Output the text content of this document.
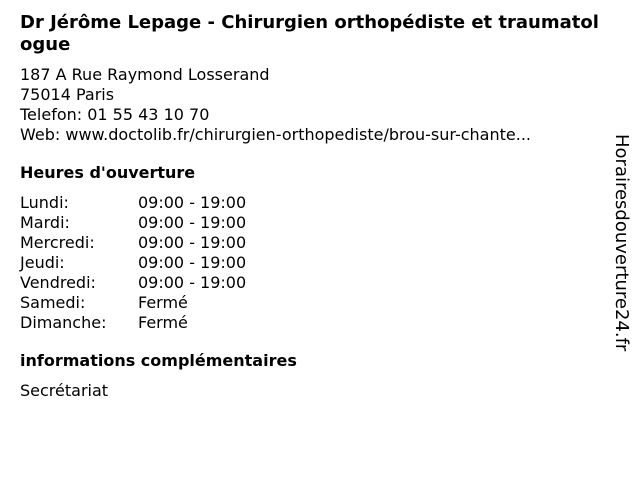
Dr Jérôme Lepage - Chirurgien orthopédiste et traumatologue
187 A Rue Raymond Losserand
75014 Paris
Telefon: 01 55 43 10 70
Web: www.doctolib.fr/chirurgien-orthopediste/brou-sur-chante...
Heures d'ouverture
Lundi:	09:00 - 19:00
Mardi:	09:00 - 19:00
Mercredi:	09:00 - 19:00
Jeudi:	09:00 - 19:00
Vendredi:	09:00 - 19:00
Samedi:	Fermé
Dimanche:	Fermé
informations complémentaires
Secrétariat
Horairesdouverture24.fr
